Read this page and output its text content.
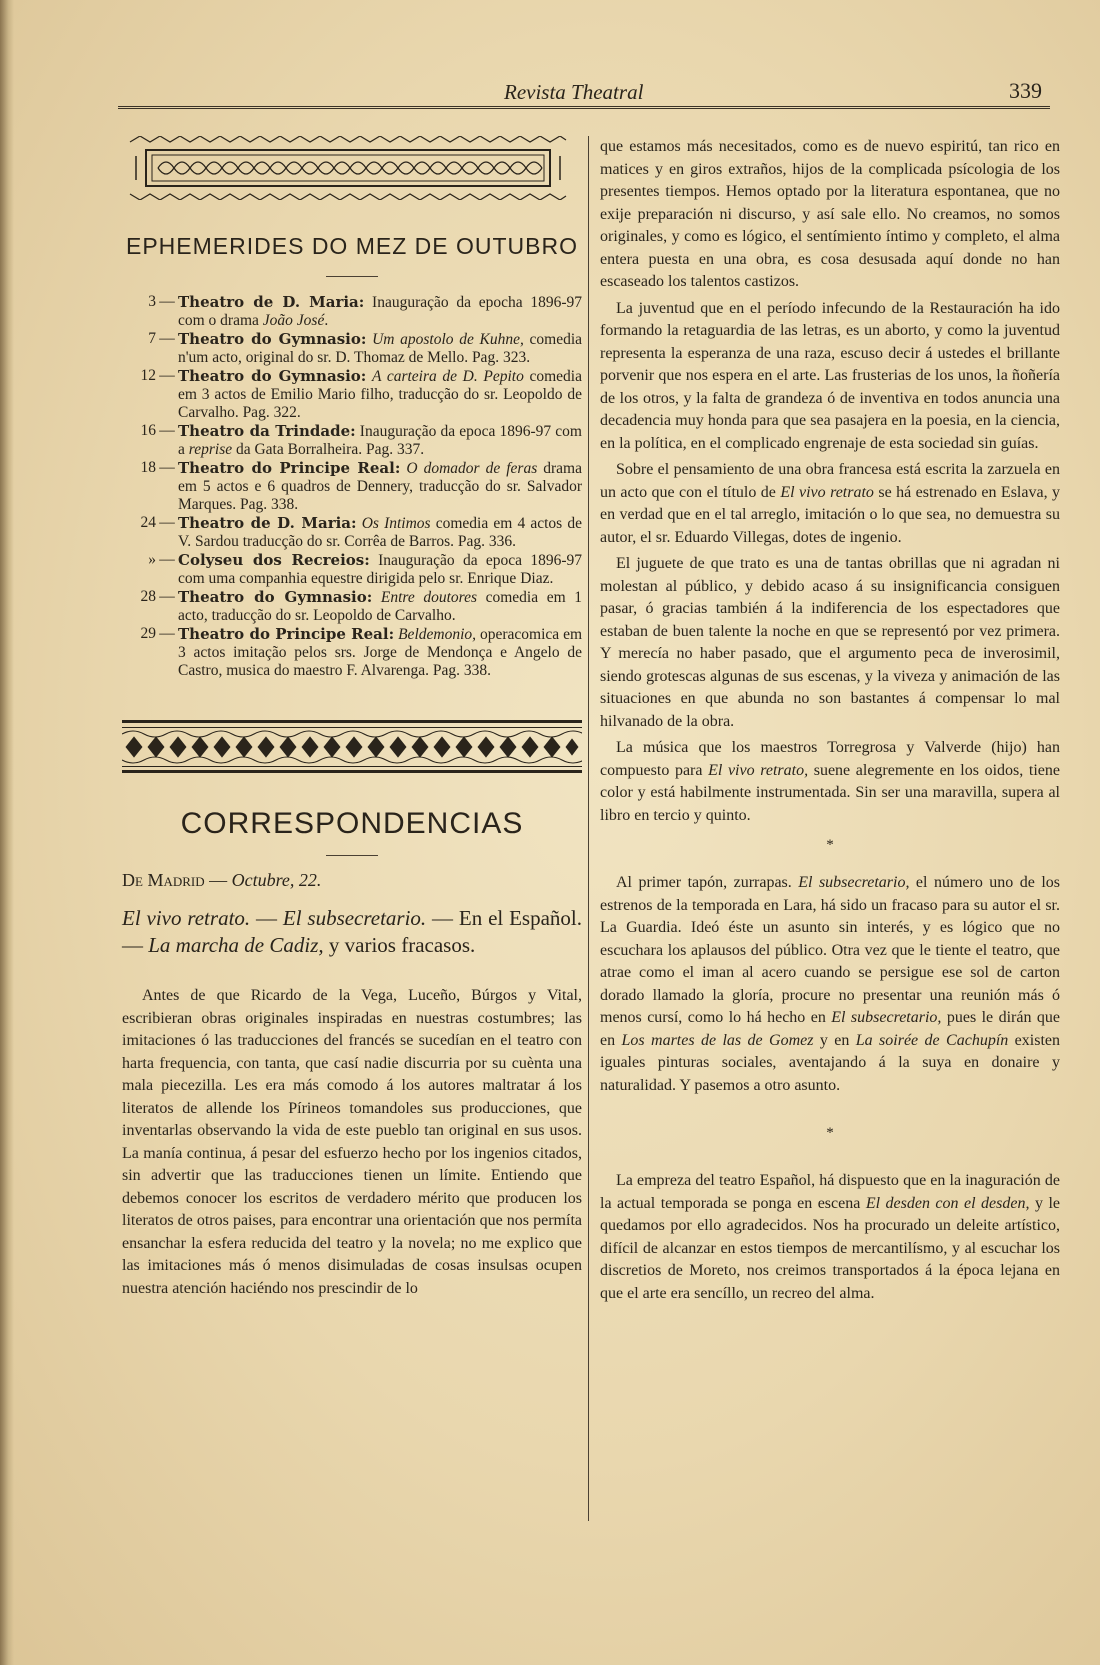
Revista Theatral	339
EPHEMERIDES DO MEZ DE OUTUBRO
3 — Theatro de D. Maria: Inauguração da epocha 1896-97 com o drama João José.
7 — Theatro do Gymnasio: Um apostolo de Kuhne, comedia n'um acto, original do sr. D. Thomaz de Mello. Pag. 323.
12 — Theatro do Gymnasio: A carteira de D. Pepito comedia em 3 actos de Emilio Mario filho, traducção do sr. Leopoldo de Carvalho. Pag. 322.
16 — Theatro da Trindade: Inauguração da epoca 1896-97 com a reprise da Gata Borralheira. Pag. 337.
18 — Theatro do Principe Real: O domador de feras drama em 5 actos e 6 quadros de Dennery, traducção do sr. Salvador Marques. Pag. 338.
24 — Theatro de D. Maria: Os Intimos comedia em 4 actos de V. Sardou traducção do sr. Corrêa de Barros. Pag. 336.
» — Colyseu dos Recreios: Inauguração da epoca 1896-97 com uma companhia equestre dirigida pelo sr. Enrique Diaz.
28 — Theatro do Gymnasio: Entre doutores comedia em 1 acto, traducção do sr. Leopoldo de Carvalho.
29 — Theatro do Principe Real: Beldemonio, operacomica em 3 actos imitação pelos srs. Jorge de Mendonça e Angelo de Castro, musica do maestro F. Alvarenga. Pag. 338.
CORRESPONDENCIAS
De Madrid — Octubre, 22.
El vivo retrato. — El subsecretario. — En el Español. — La marcha de Cadiz, y varios fracasos.

Antes de que Ricardo de la Vega, Luceño, Búrgos y Vital, escribieran obras originales inspiradas en nuestras costumbres; las imitaciones ó las traducciones del francés se sucedían en el teatro con harta frequencia, con tanta, que casí nadie discurria por su cuènta una mala piecezilla. Les era más comodo á los autores maltratar á los literatos de allende los Pírineos tomandoles sus producciones, que inventarlas observando la vida de este pueblo tan original en sus usos. La manía continua, á pesar del esfuerzo hecho por los ingenios citados, sin advertir que las traducciones tienen un límite. Entiendo que debemos conocer los escritos de verdadero mérito que producen los literatos de otros paises, para encontrar una orientación que nos permíta ensanchar la esfera reducida del teatro y la novela; no me explico que las imitaciones más ó menos disimuladas de cosas insulsas ocupen nuestra atención haciéndo nos prescindir de lo

que estamos más necesitados, como es de nuevo espiritú, tan rico en matices y en giros extraños, hijos de la complicada psícologia de los presentes tiempos. Hemos optado por la literatura espontanea, que no exije preparación ni discurso, y así sale ello. No creamos, no somos originales, y como es lógico, el sentímiento íntimo y completo, el alma entera puesta en una obra, es cosa desusada aquí donde no han escaseado los talentos castizos.

La juventud que en el período infecundo de la Restauración ha ido formando la retaguardia de las letras, es un aborto, y como la juventud representa la esperanza de una raza, escuso decir á ustedes el brillante porvenir que nos espera en el arte. Las frusterias de los unos, la ñoñería de los otros, y la falta de grandeza ó de inventiva en todos anuncia una decadencia muy honda para que sea pasajera en la poesia, en la ciencia, en la política, en el complicado engrenaje de esta sociedad sin guías.

Sobre el pensamiento de una obra francesa está escrita la zarzuela en un acto que con el título de El vivo retrato se há estrenado en Eslava, y en verdad que en el tal arreglo, imitación o lo que sea, no demuestra su autor, el sr. Eduardo Villegas, dotes de ingenio.

El juguete de que trato es una de tantas obrillas que ni agradan ni molestan al público, y debido acaso á su insignificancia consiguen pasar, ó gracias también á la indiferencia de los espectadores que estaban de buen talente la noche en que se representó por vez primera. Y merecía no haber pasado, que el argumento peca de inverosimil, siendo grotescas algunas de sus escenas, y la viveza y animación de las situaciones en que abunda no son bastantes á compensar lo mal hilvanado de la obra.

La música que los maestros Torregrosa y Valverde (hijo) han compuesto para El vivo retrato, suene alegremente en los oidos, tiene color y está habilmente instrumentada. Sin ser una maravilla, supera al libro en tercio y quinto.

*

Al primer tapón, zurrapas. El subsecretario, el número uno de los estrenos de la temporada en Lara, há sido un fracaso para su autor el sr. La Guardia. Ideó éste un asunto sin interés, y es lógico que no escuchara los aplausos del público. Otra vez que le tiente el teatro, que atrae como el iman al acero cuando se persigue ese sol de carton dorado llamado la gloría, procure no presentar una reunión más ó menos cursí, como lo há hecho en El subsecretario, pues le dirán que en Los martes de las de Gomez y en La soirée de Cachupín existen iguales pinturas sociales, aventajando á la suya en donaire y naturalidad. Y pasemos a otro asunto.

*

La empreza del teatro Español, há dispuesto que en la inaguración de la actual temporada se ponga en escena El desden con el desden, y le quedamos por ello agradecidos. Nos ha procurado un deleite artístico, difícil de alcanzar en estos tiempos de mercantilísmo, y al escuchar los discretios de Moreto, nos creimos transportados á la época lejana en que el arte era sencíllo, un recreo del alma.
